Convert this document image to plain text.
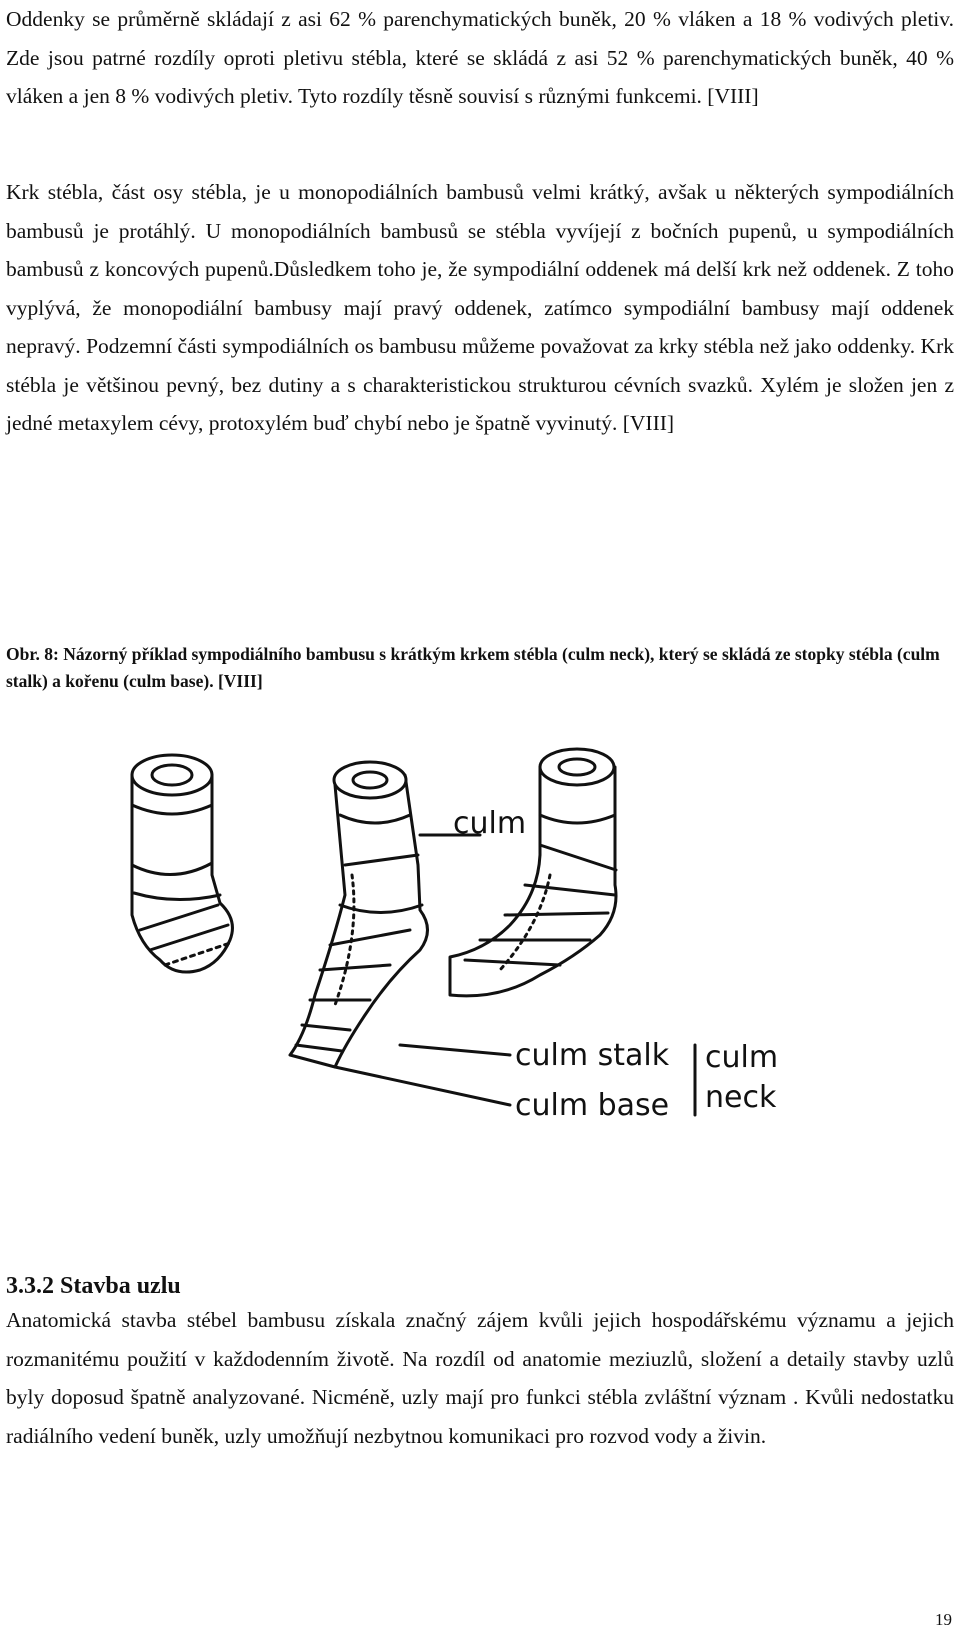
Oddenky se průměrně skládají z asi 62 % parenchymatických buněk, 20 % vláken a 18 % vodivých pletiv. Zde jsou patrné rozdíly oproti pletivu stébla, které se skládá z asi 52 % parenchymatických buněk, 40 % vláken a jen 8 % vodivých pletiv. Tyto rozdíly těsně souvisí s různými funkcemi. [VIII]

Krk stébla, část osy stébla, je u monopodiálních bambusů velmi krátký, avšak u některých sympodiálních bambusů je protáhlý. U monopodiálních bambusů se stébla vyvíjejí z bočních pupenů, u sympodiálních bambusů z koncových pupenů.Důsledkem toho je, že sympodiální oddenek má delší krk než oddenek. Z toho vyplývá, že monopodiální bambusy mají pravý oddenek, zatímco sympodiální bambusy mají oddenek nepravý. Podzemní části sympodiálních os bambusu můžeme považovat za krky stébla než jako oddenky. Krk stébla je většinou pevný, bez dutiny a s charakteristickou strukturou cévních svazků. Xylém je složen jen z jedné metaxylem cévy, protoxylém buď chybí nebo je špatně vyvinutý. [VIII]

Obr. 8: Názorný příklad sympodiálního bambusu s krátkým krkem stébla (culm neck), který se skládá ze stopky stébla (culm stalk) a kořenu (culm base). [VIII]

culm
culm stalk
culm base
culm
neck
3.3.2 Stavba uzlu

Anatomická stavba stébel bambusu získala značný zájem kvůli jejich hospodářskému významu a jejich rozmanitému použití v každodenním životě. Na rozdíl od anatomie meziuzlů, složení a detaily stavby uzlů byly doposud špatně analyzované. Nicméně, uzly mají pro funkci stébla zvláštní význam . Kvůli nedostatku radiálního vedení buněk, uzly umožňují nezbytnou komunikaci pro rozvod vody a živin.

19
